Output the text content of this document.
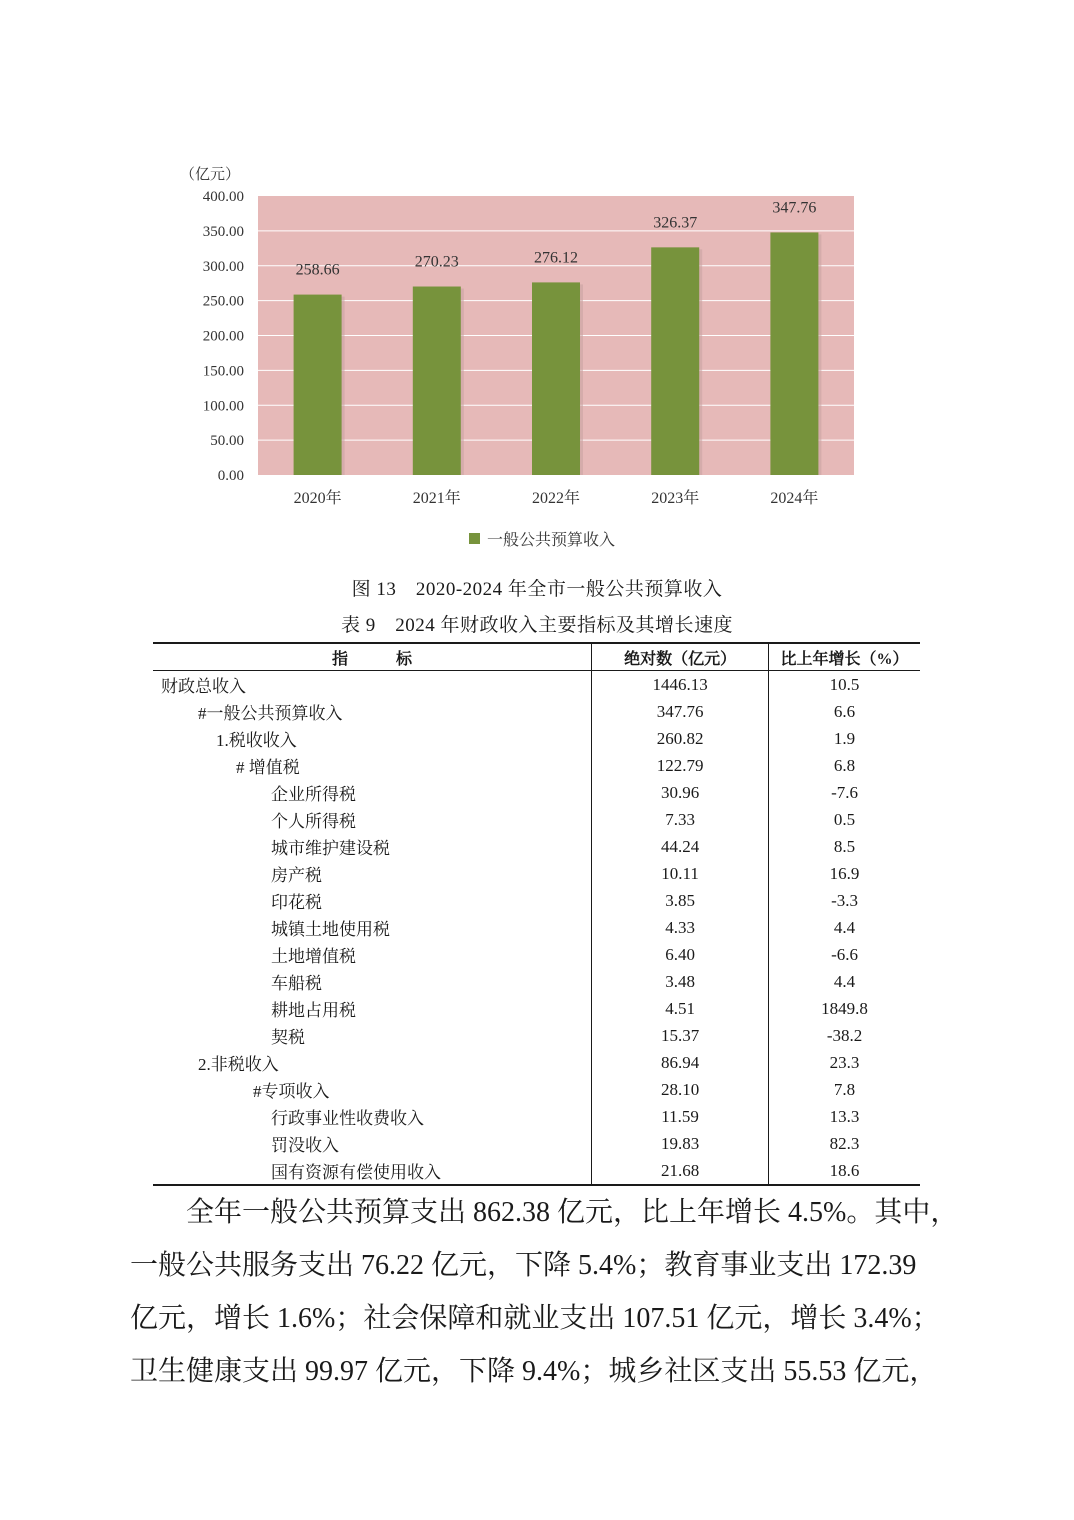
（亿元）
0.00
50.00
100.00
150.00
200.00
250.00
300.00
350.00
400.00
258.66	270.23	276.12
326.37
347.76
2020年	2021年	2022年	2023年	2024年
一般公共预算收入
图 13　2020-2024 年全市一般公共预算收入
表 9　2024 年财政收入主要指标及其增长速度
指　　　标	绝对数（亿元）	比上年增长（%）
财政总收入	1446.13	10.5
#一般公共预算收入	347.76	6.6
1.税收收入	260.82	1.9
# 增值税	122.79	6.8
企业所得税	30.96	-7.6
个人所得税	7.33	0.5
城市维护建设税	44.24	8.5
房产税	10.11	16.9
印花税	3.85	-3.3
城镇土地使用税	4.33	4.4
土地增值税	6.40	-6.6
车船税	3.48	4.4
耕地占用税	4.51	1849.8
契税	15.37	-38.2
2.非税收入	86.94	23.3
#专项收入	28.10	7.8
行政事业性收费收入	11.59	13.3
罚没收入	19.83	82.3
国有资源有偿使用收入	21.68	18.6
全年一般公共预算支出 862.38 亿元，比上年增长 4.5%。其中，
一般公共服务支出 76.22 亿元，下降 5.4%；教育事业支出 172.39
亿元，增长 1.6%；社会保障和就业支出 107.51 亿元，增长 3.4%；
卫生健康支出 99.97 亿元，下降 9.4%；城乡社区支出 55.53 亿元，
